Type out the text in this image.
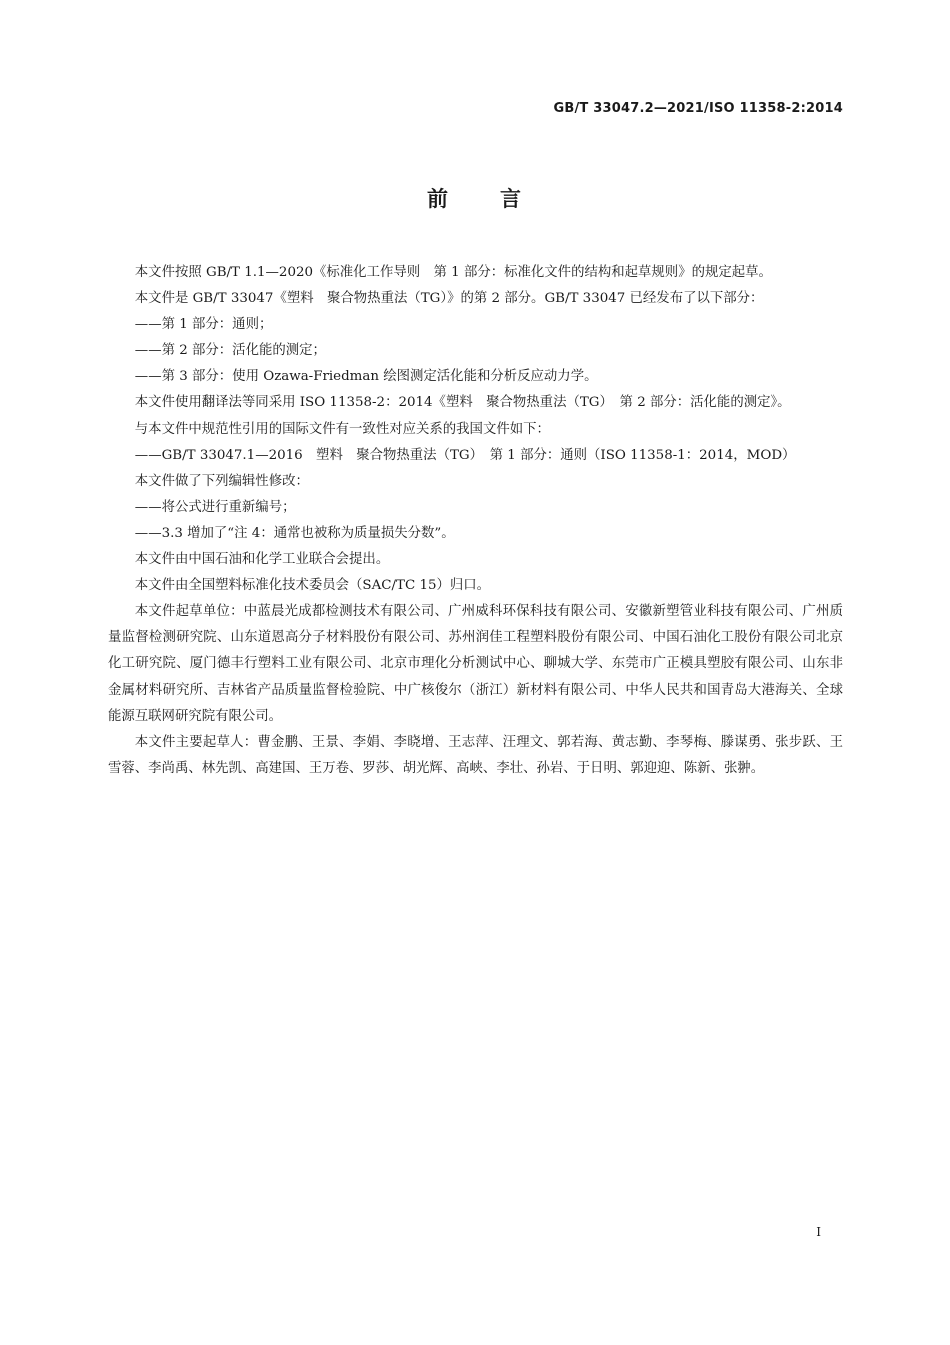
GB/T 33047.2—2021/ISO 11358-2:2014
前 言

本文件按照 GB/T 1.1—2020《标准化工作导则　第 1 部分：标准化文件的结构和起草规则》的规定起草。

本文件是 GB/T 33047《塑料　聚合物热重法（TG）》的第 2 部分。GB/T 33047 已经发布了以下部分：

——第 1 部分：通则；

——第 2 部分：活化能的测定；

——第 3 部分：使用 Ozawa-Friedman 绘图测定活化能和分析反应动力学。

本文件使用翻译法等同采用 ISO 11358-2：2014《塑料　聚合物热重法（TG）　第 2 部分：活化能的测定》。

与本文件中规范性引用的国际文件有一致性对应关系的我国文件如下：

——GB/T 33047.1—2016　塑料　聚合物热重法（TG）　第 1 部分：通则（ISO 11358-1：2014，MOD）

本文件做了下列编辑性修改：

——将公式进行重新编号；

——3.3 增加了“注 4：通常也被称为质量损失分数”。

本文件由中国石油和化学工业联合会提出。

本文件由全国塑料标准化技术委员会（SAC/TC 15）归口。

本文件起草单位：中蓝晨光成都检测技术有限公司、广州威科环保科技有限公司、安徽新塑管业科技有限公司、广州质量监督检测研究院、山东道恩高分子材料股份有限公司、苏州润佳工程塑料股份有限公司、中国石油化工股份有限公司北京化工研究院、厦门德丰行塑料工业有限公司、北京市理化分析测试中心、聊城大学、东莞市广正模具塑胶有限公司、山东非金属材料研究所、吉林省产品质量监督检验院、中广核俊尔（浙江）新材料有限公司、中华人民共和国青岛大港海关、全球能源互联网研究院有限公司。

本文件主要起草人：曹金鹏、王景、李娟、李晓增、王志萍、汪理文、郭若海、黄志勤、李琴梅、滕谋勇、张步跃、王雪蓉、李尚禹、林先凯、高建国、王万卷、罗莎、胡光辉、高峡、李壮、孙岩、于日明、郭迎迎、陈新、张翀。

I
